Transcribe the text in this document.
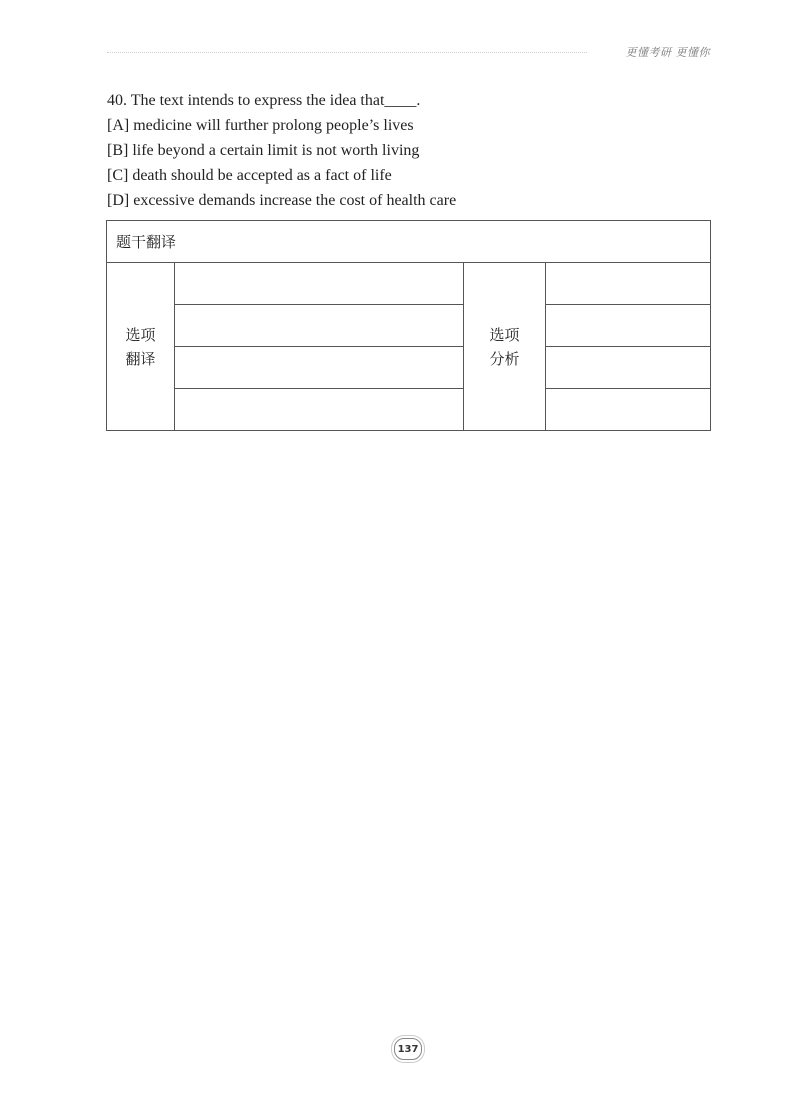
更懂考研 更懂你
40. The text intends to express the idea that____.
[A] medicine will further prolong people’s lives
[B] life beyond a certain limit is not worth living
[C] death should be accepted as a fact of life
[D] excessive demands increase the cost of health care
题干翻译
选项
翻译
选项
分析
137
